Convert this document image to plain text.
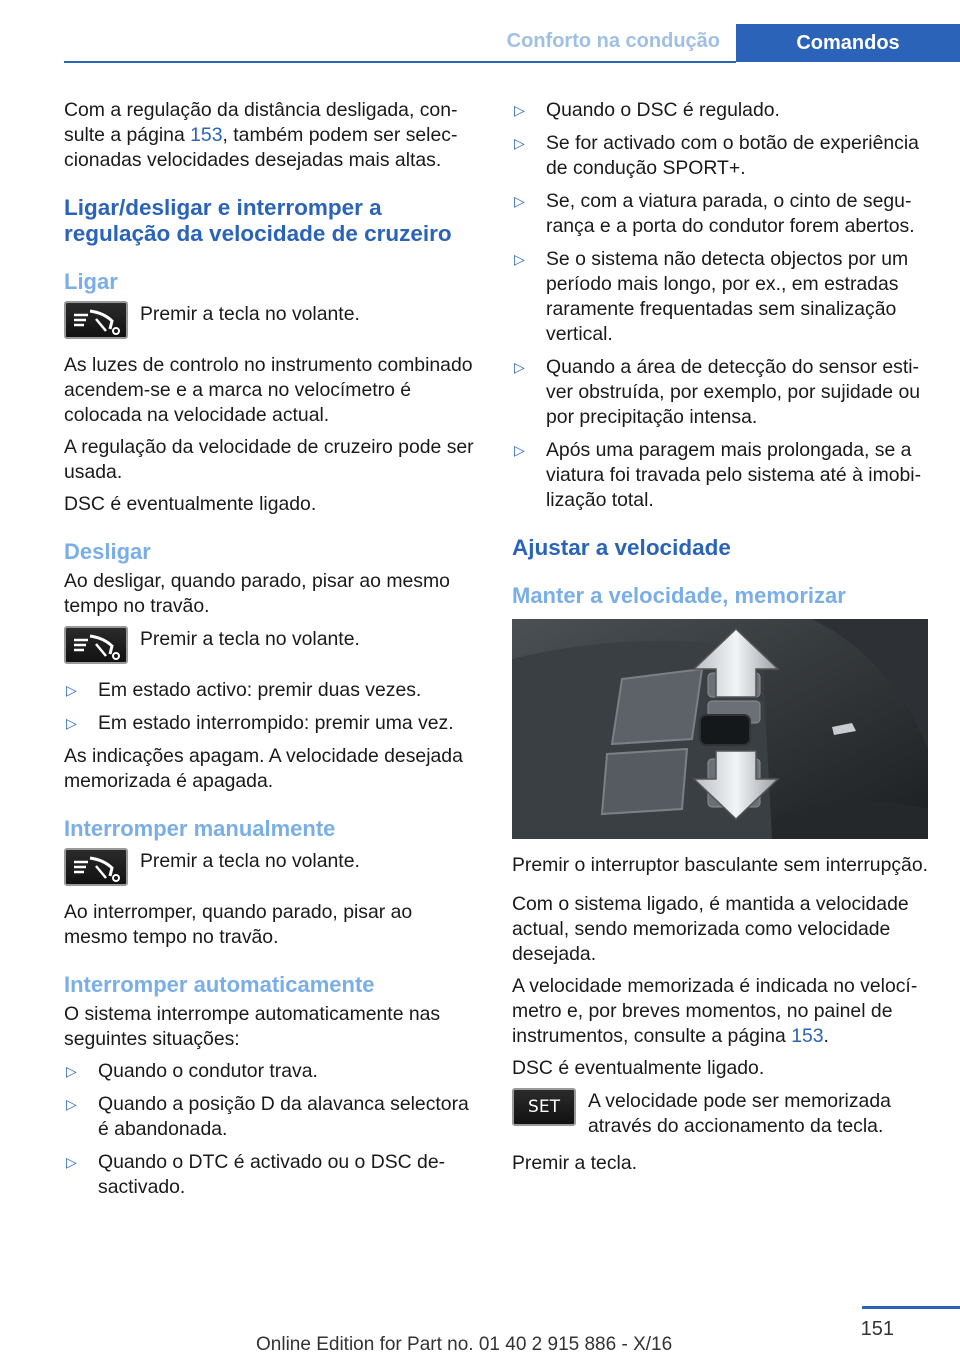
Conforto na condução	Comandos

Com a regulação da distância desligada, consulte a página 153, também podem ser seleccionadas velocidades desejadas mais altas.

Ligar/desligar e interromper a regulação da velocidade de cruzeiro
Ligar
Premir a tecla no volante.

As luzes de controlo no instrumento combinado acendem-se e a marca no velocímetro é colocada na velocidade actual.

A regulação da velocidade de cruzeiro pode ser usada.

DSC é eventualmente ligado.

Desligar

Ao desligar, quando parado, pisar ao mesmo tempo no travão.

Premir a tecla no volante.
▷ Em estado activo: premir duas vezes.
▷ Em estado interrompido: premir uma vez.

As indicações apagam. A velocidade desejada memorizada é apagada.

Interromper manualmente
Premir a tecla no volante.

Ao interromper, quando parado, pisar ao mesmo tempo no travão.

Interromper automaticamente

O sistema interrompe automaticamente nas seguintes situações:

▷ Quando o condutor trava.
▷ Quando a posição D da alavanca selectora é abandonada.
▷ Quando o DTC é activado ou o DSC desactivado.
▷ Quando o DSC é regulado.
▷ Se for activado com o botão de experiência de condução SPORT+.
▷ Se, com a viatura parada, o cinto de segurança e a porta do condutor forem abertos.
▷ Se o sistema não detecta objectos por um período mais longo, por ex., em estradas raramente frequentadas sem sinalização vertical.
▷ Quando a área de detecção do sensor estiver obstruída, por exemplo, por sujidade ou por precipitação intensa.
▷ Após uma paragem mais prolongada, se a viatura foi travada pelo sistema até à imobilização total.
Ajustar a velocidade
Manter a velocidade, memorizar

Premir o interruptor basculante sem interrupção.

Com o sistema ligado, é mantida a velocidade actual, sendo memorizada como velocidade desejada.

A velocidade memorizada é indicada no velocímetro e, por breves momentos, no painel de instrumentos, consulte a página 153.

DSC é eventualmente ligado.

SET	A velocidade pode ser memorizada através do accionamento da tecla.

Premir a tecla.

151
Online Edition for Part no. 01 40 2 915 886 - X/16
